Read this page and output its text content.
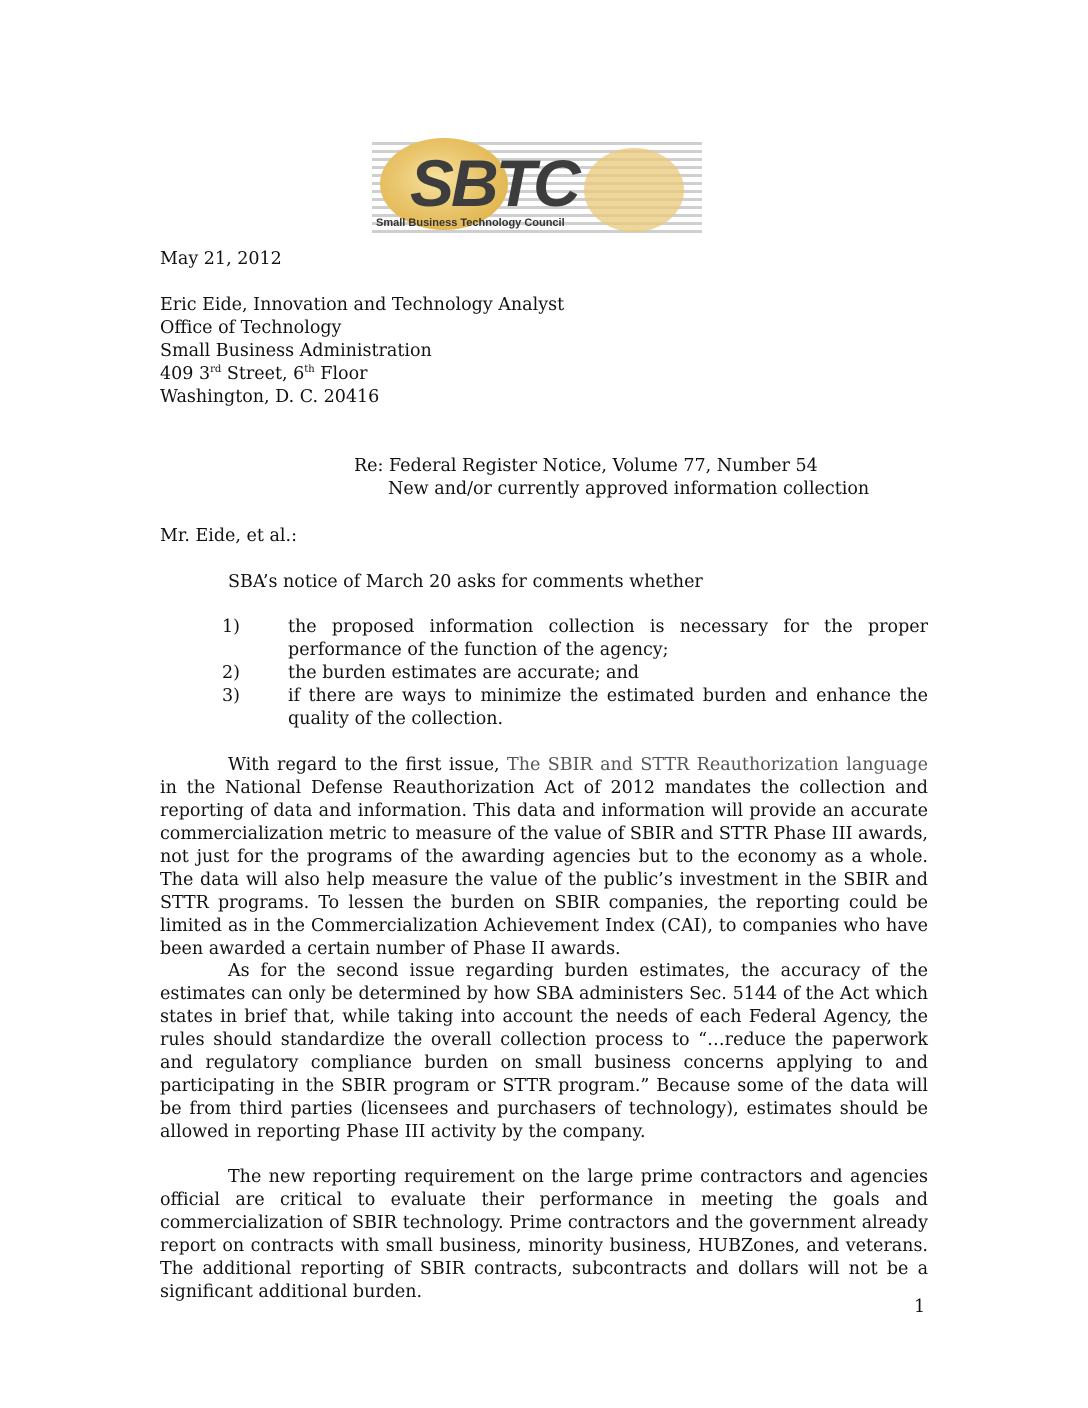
SBTC
Small Business Technology Council
May 21, 2012
Eric Eide, Innovation and Technology Analyst
Office of Technology
Small Business Administration
409 3rd Street, 6th Floor
Washington, D. C. 20416
Re: Federal Register Notice, Volume 77, Number 54
New and/or currently approved information collection
Mr. Eide, et al.:
SBA’s notice of March 20 asks for comments whether
1)	the proposed information collection is necessary for the proper performance of the function of the agency;
2)	the burden estimates are accurate; and
3)	if there are ways to minimize the estimated burden and enhance the quality of the collection.
With regard to the first issue, The SBIR and STTR Reauthorization language in the National Defense Reauthorization Act of 2012 mandates the collection and reporting of data and information. This data and information will provide an accurate commercialization metric to measure of the value of SBIR and STTR Phase III awards, not just for the programs of the awarding agencies but to the economy as a whole. The data will also help measure the value of the public’s investment in the SBIR and STTR programs. To lessen the burden on SBIR companies, the reporting could be limited as in the Commercialization Achievement Index (CAI), to companies who have been awarded a certain number of Phase II awards.
As for the second issue regarding burden estimates, the accuracy of the estimates can only be determined by how SBA administers Sec. 5144 of the Act which states in brief that, while taking into account the needs of each Federal Agency, the rules should standardize the overall collection process to “…reduce the paperwork and regulatory compliance burden on small business concerns applying to and participating in the SBIR program or STTR program.” Because some of the data will be from third parties (licensees and purchasers of technology), estimates should be allowed in reporting Phase III activity by the company.
The new reporting requirement on the large prime contractors and agencies official are critical to evaluate their performance in meeting the goals and commercialization of SBIR technology. Prime contractors and the government already report on contracts with small business, minority business, HUBZones, and veterans. The additional reporting of SBIR contracts, subcontracts and dollars will not be a significant additional burden.
1
